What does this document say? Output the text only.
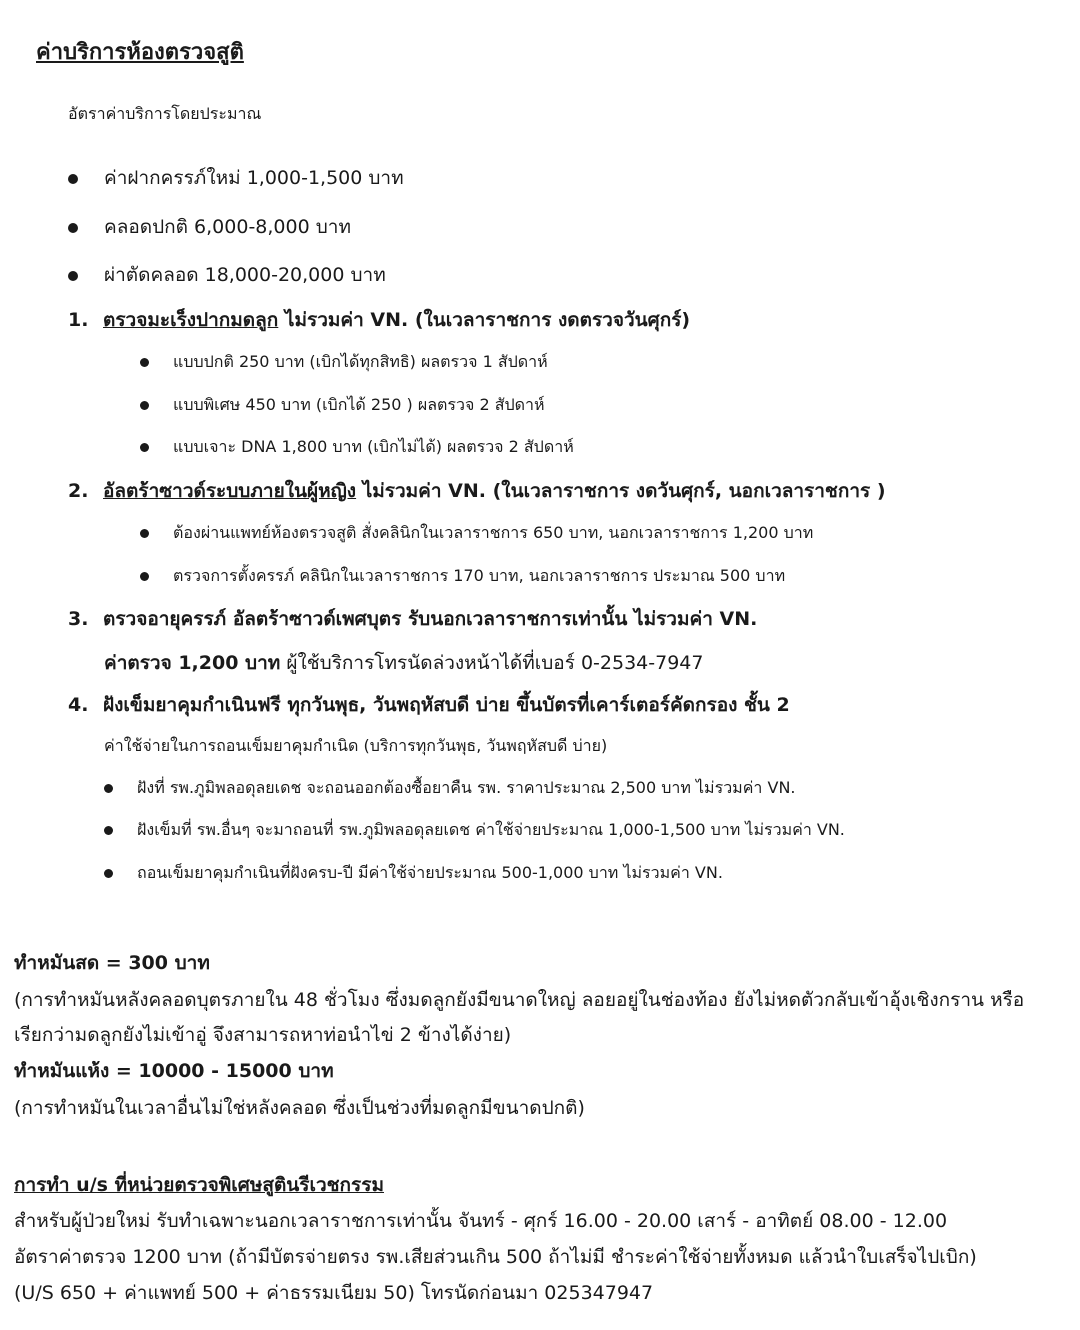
ค่าบริการห้องตรวจสูติ
อัตราค่าบริการโดยประมาณ
ค่าฝากครรภ์ใหม่ 1,000-1,500 บาท
คลอดปกติ 6,000-8,000 บาท
ผ่าตัดคลอด 18,000-20,000 บาท
1. ตรวจมะเร็งปากมดลูก ไม่รวมค่า VN. (ในเวลาราชการ งดตรวจวันศุกร์)
แบบปกติ 250 บาท (เบิกได้ทุกสิทธิ) ผลตรวจ 1 สัปดาห์
แบบพิเศษ 450 บาท (เบิกได้ 250 ) ผลตรวจ 2 สัปดาห์
แบบเจาะ DNA 1,800 บาท (เบิกไม่ได้) ผลตรวจ 2 สัปดาห์
2. อัลตร้าซาวด์ระบบภายในผู้หญิง ไม่รวมค่า VN. (ในเวลาราชการ งดวันศุกร์, นอกเวลาราชการ )
ต้องผ่านแพทย์ห้องตรวจสูติ สั่งคลินิกในเวลาราชการ 650 บาท, นอกเวลาราชการ 1,200 บาท
ตรวจการตั้งครรภ์ คลินิกในเวลาราชการ 170 บาท, นอกเวลาราชการ ประมาณ 500 บาท
3. ตรวจอายุครรภ์ อัลตร้าซาวด์เพศบุตร รับนอกเวลาราชการเท่านั้น ไม่รวมค่า VN.
ค่าตรวจ 1,200 บาท ผู้ใช้บริการโทรนัดล่วงหน้าได้ที่เบอร์ 0-2534-7947
4. ฝังเข็มยาคุมกำเนินฟรี ทุกวันพุธ, วันพฤหัสบดี บ่าย ขึ้นบัตรที่เคาร์เตอร์คัดกรอง ชั้น 2
ค่าใช้จ่ายในการถอนเข็มยาคุมกำเนิด (บริการทุกวันพุธ, วันพฤหัสบดี บ่าย)
ฝังที่ รพ.ภูมิพลอดุลยเดช จะถอนออกต้องซื้อยาคืน รพ. ราคาประมาณ 2,500 บาท ไม่รวมค่า VN.
ฝังเข็มที่ รพ.อื่นๆ จะมาถอนที่ รพ.ภูมิพลอดุลยเดช ค่าใช้จ่ายประมาณ 1,000-1,500 บาท ไม่รวมค่า VN.
ถอนเข็มยาคุมกำเนินที่ฝังครบ-ปี มีค่าใช้จ่ายประมาณ 500-1,000 บาท ไม่รวมค่า VN.
ทำหมันสด = 300 บาท
(การทำหมันหลังคลอดบุตรภายใน 48 ชั่วโมง ซึ่งมดลูกยังมีขนาดใหญ่ ลอยอยู่ในช่องท้อง ยังไม่หดตัวกลับเข้าอุ้งเชิงกราน หรือ
เรียกว่ามดลูกยังไม่เข้าอู่ จึงสามารถหาท่อนำไข่ 2 ข้างได้ง่าย)
ทำหมันแห้ง = 10000 - 15000 บาท
(การทำหมันในเวลาอื่นไม่ใช่หลังคลอด ซึ่งเป็นช่วงที่มดลูกมีขนาดปกติ)
การทำ u/s ที่หน่วยตรวจพิเศษสูตินรีเวชกรรม
สำหรับผู้ป่วยใหม่ รับทำเฉพาะนอกเวลาราชการเท่านั้น จันทร์ - ศุกร์ 16.00 - 20.00 เสาร์ - อาทิตย์ 08.00 - 12.00
อัตราค่าตรวจ 1200 บาท (ถ้ามีบัตรจ่ายตรง รพ.เสียส่วนเกิน 500 ถ้าไม่มี ชำระค่าใช้จ่ายทั้งหมด แล้วนำใบเสร็จไปเบิก)
(U/S 650 + ค่าแพทย์ 500 + ค่าธรรมเนียม 50) โทรนัดก่อนมา 025347947
